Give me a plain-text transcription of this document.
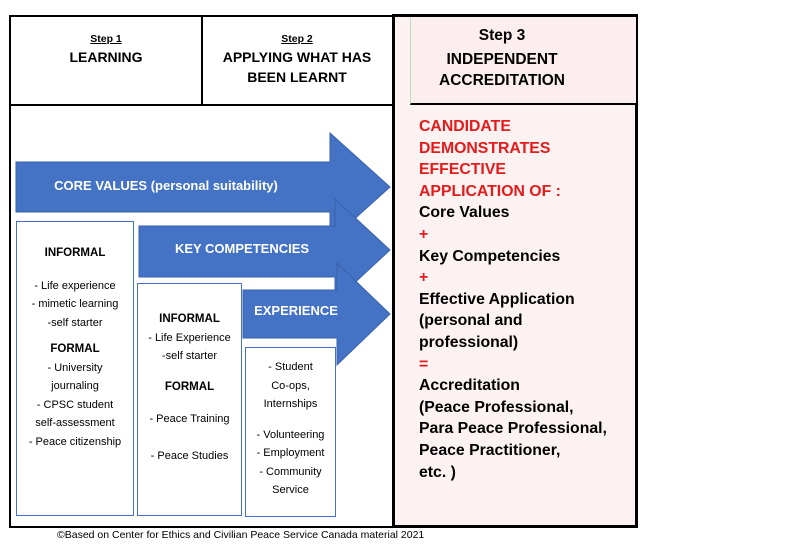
Step 1
LEARNING
Step 2
APPLYING WHAT HAS
BEEN LEARNT
Step 3
INDEPENDENT
ACCREDITATION
INFORMAL
- Life experience
- mimetic learning
-self starter
FORMAL
- University
journaling
- CPSC student
self-assessment
- Peace citizenship
INFORMAL
- Life Experience
-self starter
FORMAL
- Peace Training
- Peace Studies
- Student
Co-ops,
Internships
- Volunteering
- Employment
- Community
Service
CORE VALUES (personal suitability)
KEY COMPETENCIES
EXPERIENCE
CANDIDATE
DEMONSTRATES
EFFECTIVE
APPLICATION OF :
Core Values
+
Key Competencies
+
Effective Application
(personal and
professional)
=
Accreditation
(Peace Professional,
Para Peace Professional,
Peace Practitioner,
etc. )
©Based on Center for Ethics and Civilian Peace Service Canada material 2021
